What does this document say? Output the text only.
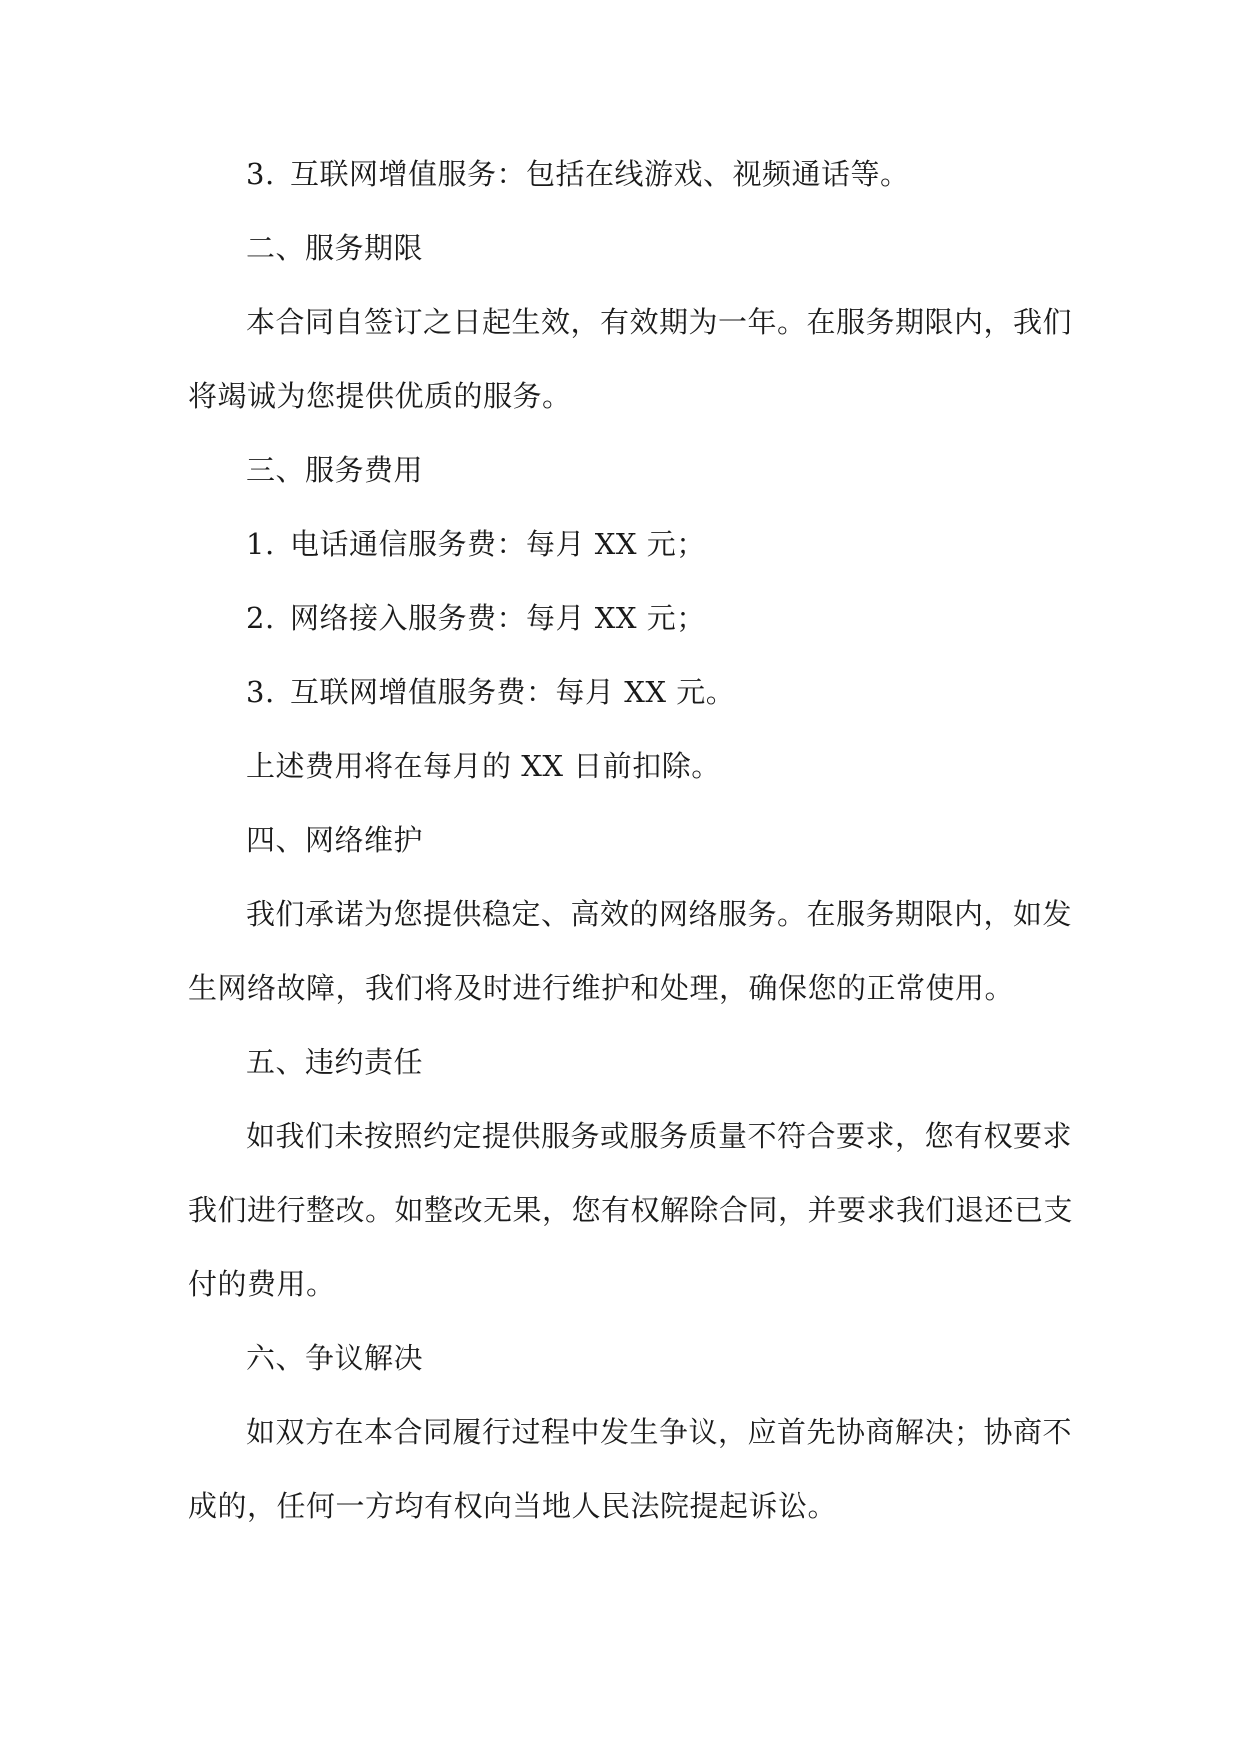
3. 互联网增值服务：包括在线游戏、视频通话等。
二、服务期限
本合同自签订之日起生效，有效期为一年。在服务期限内，我们
将竭诚为您提供优质的服务。
三、服务费用
1. 电话通信服务费：每月 XX 元；
2. 网络接入服务费：每月 XX 元；
3. 互联网增值服务费：每月 XX 元。
上述费用将在每月的 XX 日前扣除。
四、网络维护
我们承诺为您提供稳定、高效的网络服务。在服务期限内，如发
生网络故障，我们将及时进行维护和处理，确保您的正常使用。
五、违约责任
如我们未按照约定提供服务或服务质量不符合要求，您有权要求
我们进行整改。如整改无果，您有权解除合同，并要求我们退还已支
付的费用。
六、争议解决
如双方在本合同履行过程中发生争议，应首先协商解决；协商不
成的，任何一方均有权向当地人民法院提起诉讼。
